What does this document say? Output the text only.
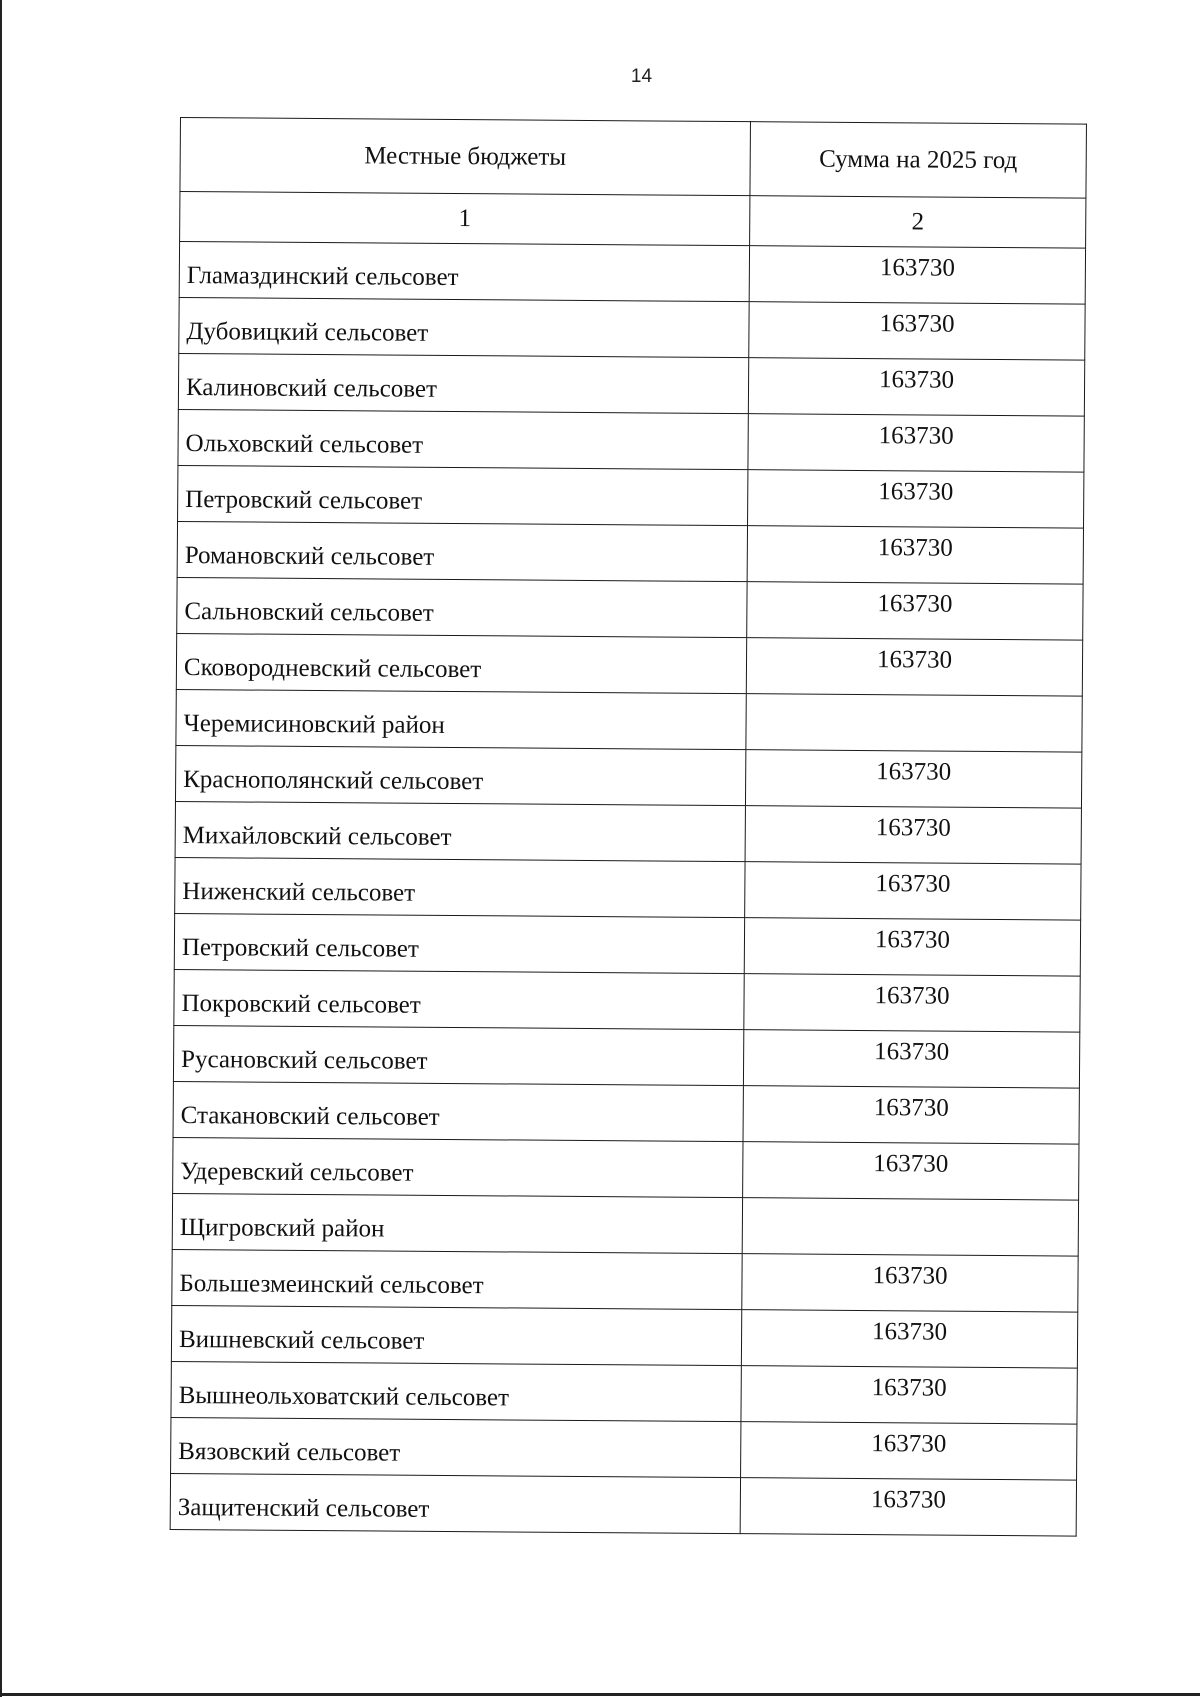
14
Местные бюджеты	Сумма на 2025 год
1	2
Гламаздинский сельсовет	163730
Дубовицкий сельсовет	163730
Калиновский сельсовет	163730
Ольховский сельсовет	163730
Петровский сельсовет	163730
Романовский сельсовет	163730
Сальновский сельсовет	163730
Сковородневский сельсовет	163730
Черемисиновский район	
Краснополянский сельсовет	163730
Михайловский сельсовет	163730
Ниженский сельсовет	163730
Петровский сельсовет	163730
Покровский сельсовет	163730
Русановский сельсовет	163730
Стакановский сельсовет	163730
Удеревский сельсовет	163730
Щигровский район	
Большезмеинский сельсовет	163730
Вишневский сельсовет	163730
Вышнеольховатский сельсовет	163730
Вязовский сельсовет	163730
Защитенский сельсовет	163730
